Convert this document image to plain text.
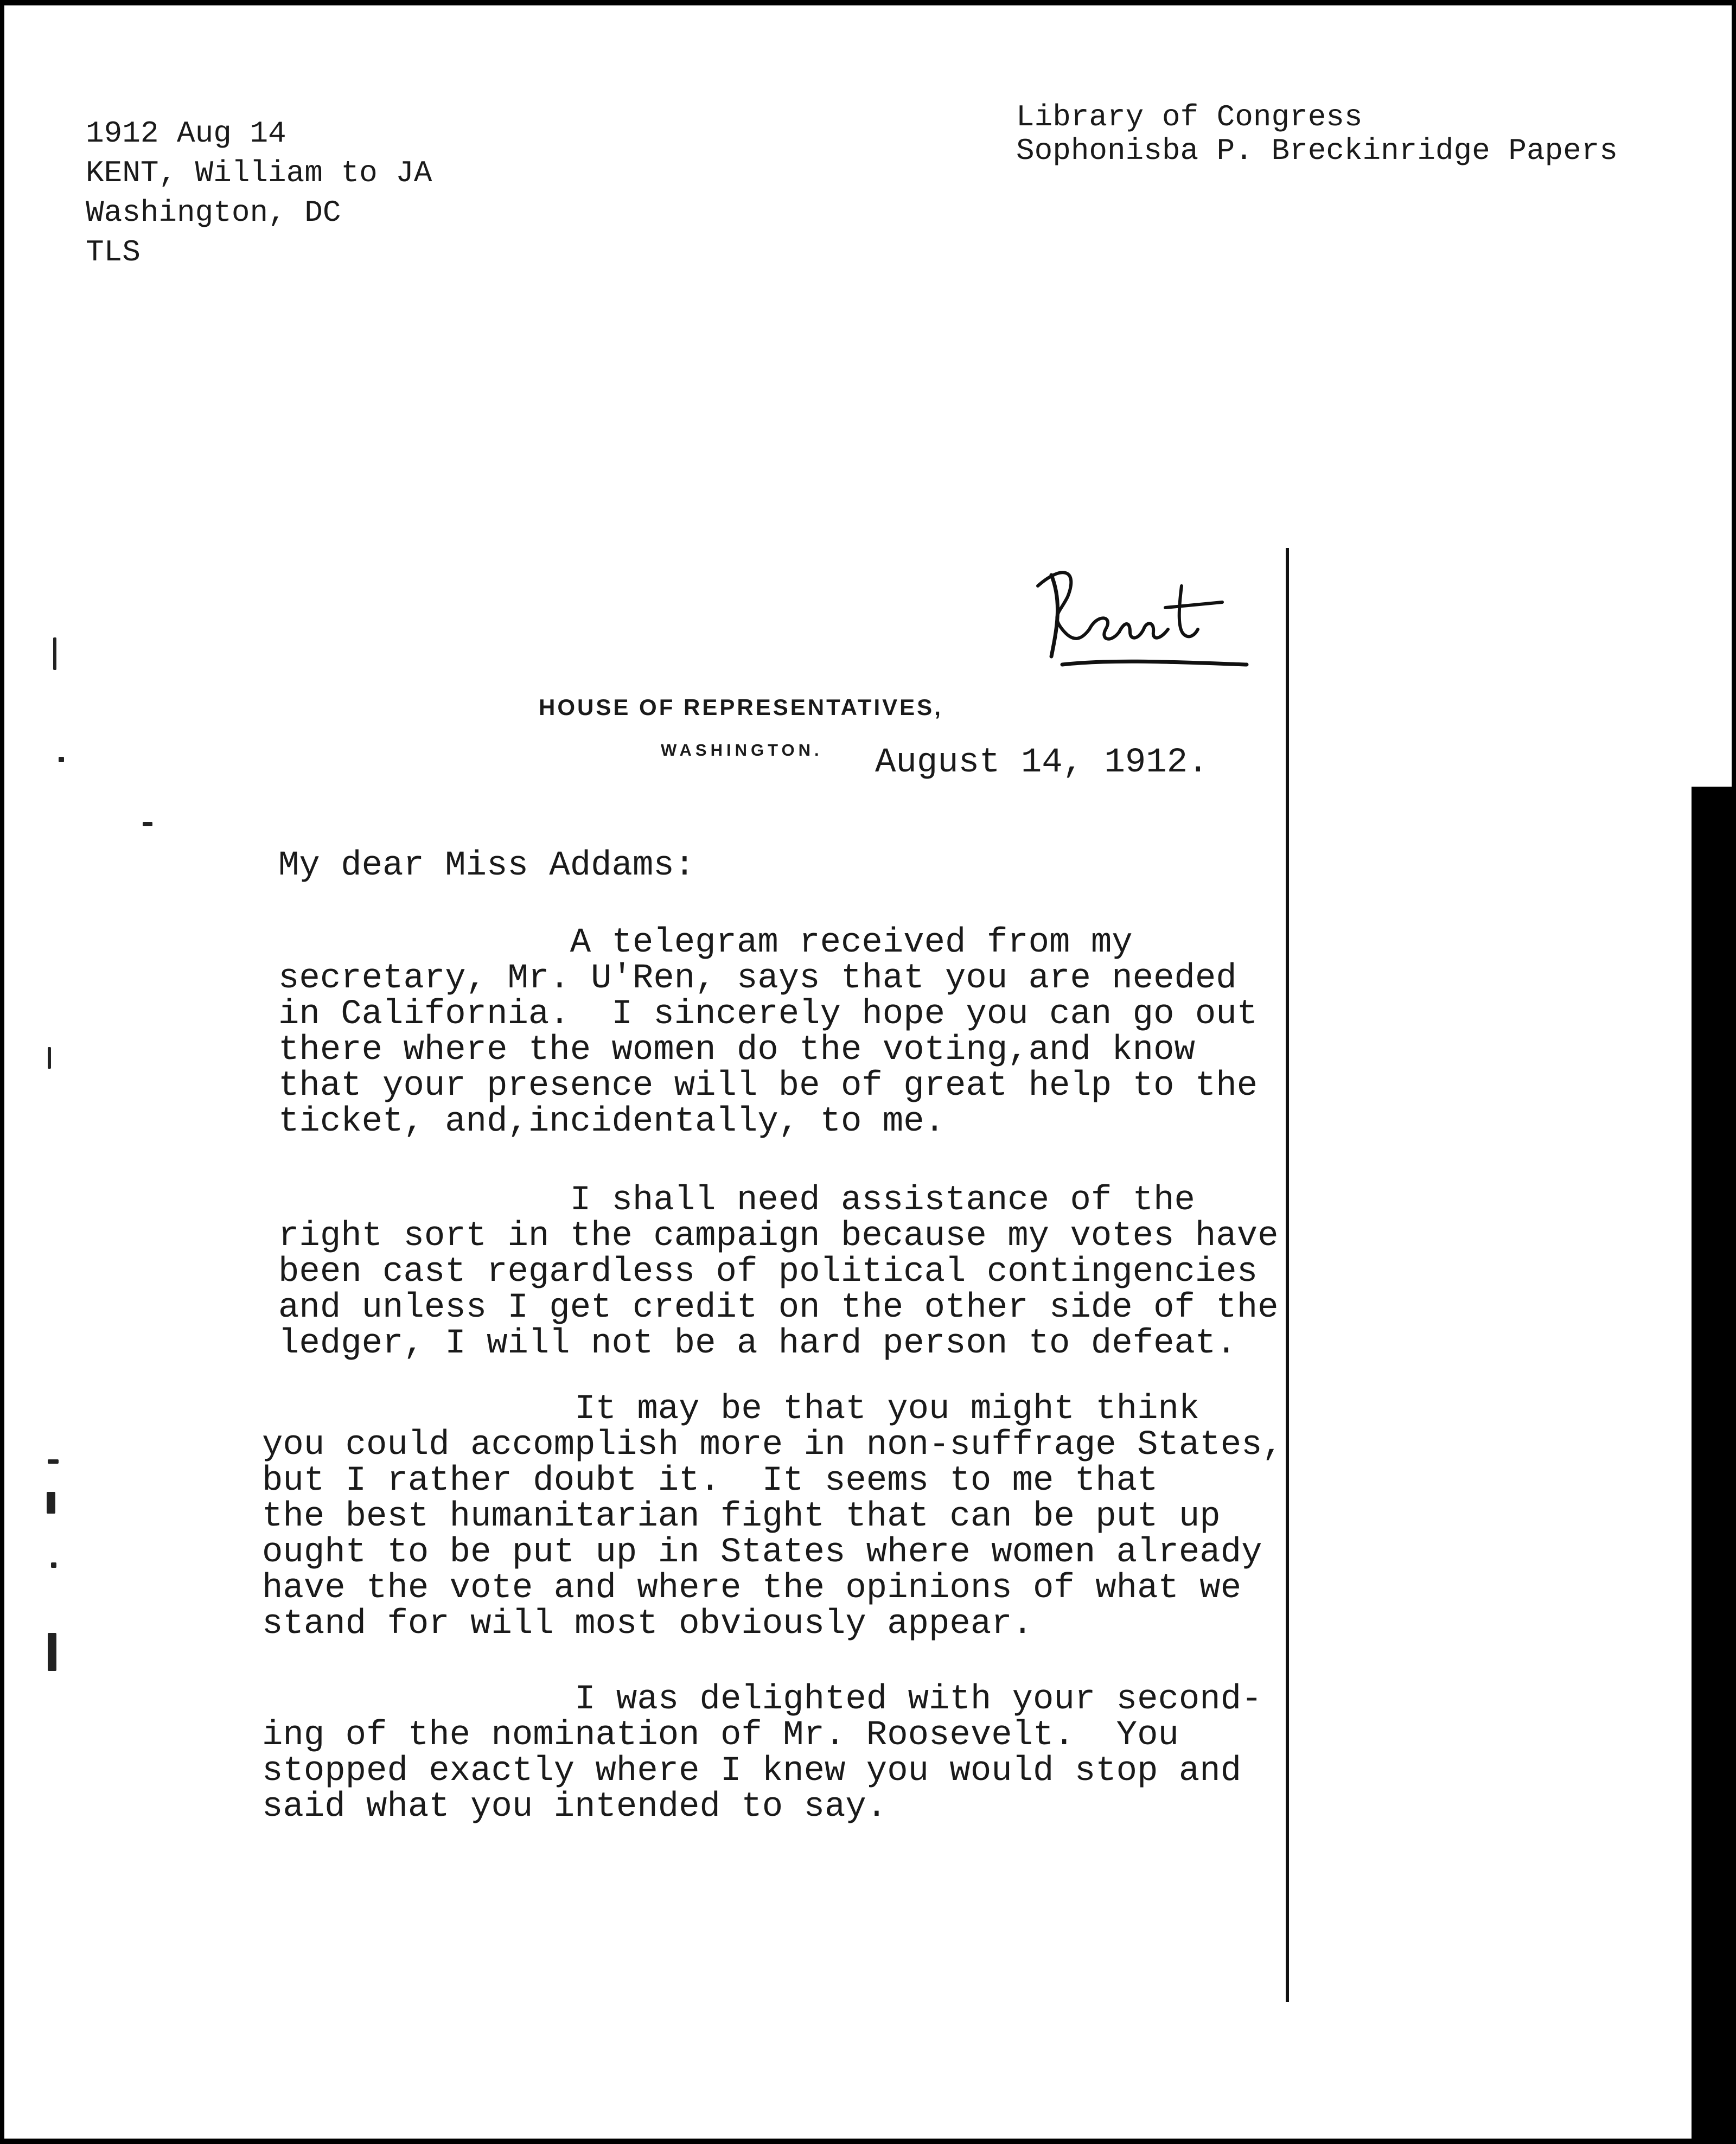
1912 Aug 14
KENT, William to JA
Washington, DC
TLS
Library of Congress
Sophonisba P. Breckinridge Papers
HOUSE OF REPRESENTATIVES,
WASHINGTON. August 14, 1912.
My dear Miss Addams:
A telegram received from my
secretary, Mr. U'Ren, says that you are needed
in California.  I sincerely hope you can go out
there where the women do the voting,and know
that your presence will be of great help to the
ticket, and,incidentally, to me.
I shall need assistance of the
right sort in the campaign because my votes have
been cast regardless of political contingencies
and unless I get credit on the other side of the
ledger, I will not be a hard person to defeat.
It may be that you might think
you could accomplish more in non-suffrage States,
but I rather doubt it.  It seems to me that
the best humanitarian fight that can be put up
ought to be put up in States where women already
have the vote and where the opinions of what we
stand for will most obviously appear.
I was delighted with your second-
ing of the nomination of Mr. Roosevelt.  You
stopped exactly where I knew you would stop and
said what you intended to say.
